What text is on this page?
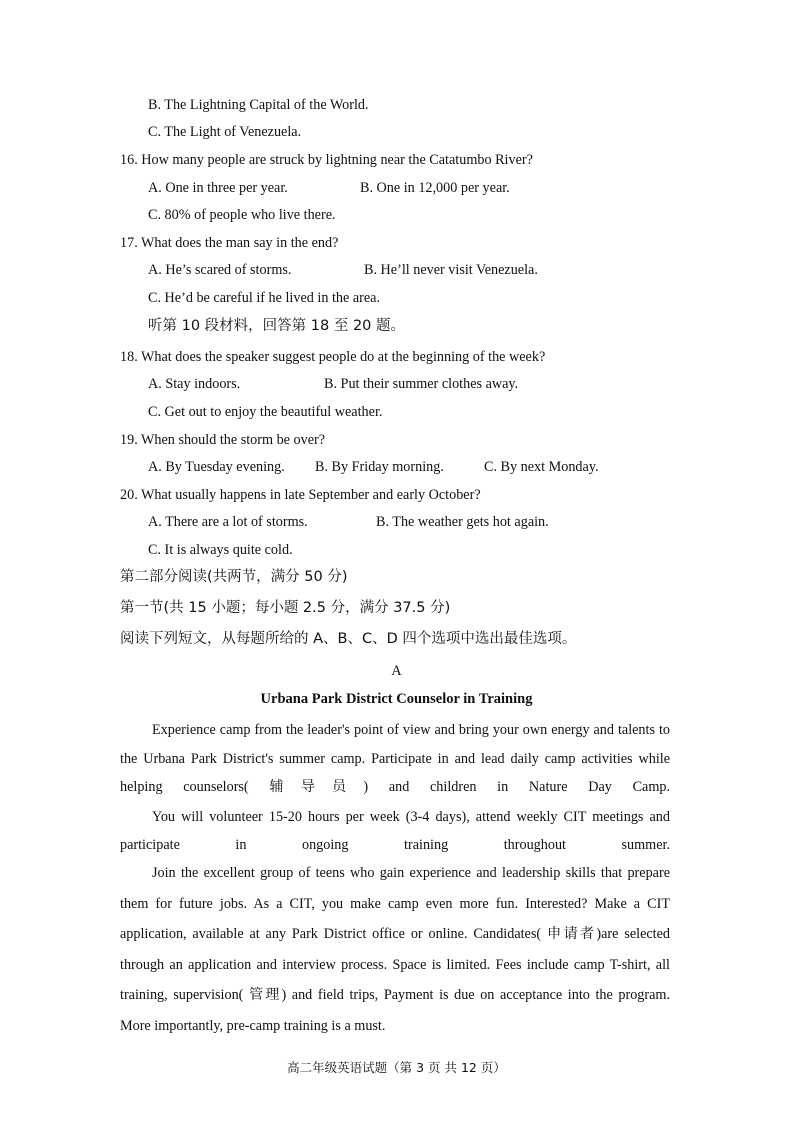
B. The Lightning Capital of the World.
C. The Light of Venezuela.
16. How many people are struck by lightning near the Catatumbo River?
A. One in three per year.	B. One in 12,000 per year.
C. 80% of people who live there.
17. What does the man say in the end?
A. He’s scared of storms.	B. He’ll never visit Venezuela.
C. He’d be careful if he lived in the area.
听第 10 段材料，回答第 18 至 20 题。
18. What does the speaker suggest people do at the beginning of the week?
A. Stay indoors.	B. Put their summer clothes away.
C. Get out to enjoy the beautiful weather.
19. When should the storm be over?
A. By Tuesday evening. B. By Friday morning.	C. By next Monday.
20. What usually happens in late September and early October?
A. There are a lot of storms.	B. The weather gets hot again.
C. It is always quite cold.
第二部分阅读(共两节，满分 50 分)
第一节(共 15 小题；每小题 2.5 分，满分 37.5 分)
阅读下列短文，从每题所给的 A、B、C、D 四个选项中选出最佳选项。
A
Urbana Park District Counselor in Training
Experience camp from the leader's point of view and bring your own energy and talents to the Urbana Park District's summer camp. Participate in and lead daily camp activities while helping counselors( 辅导员) and children in Nature Day Camp.
You will volunteer 15-20 hours per week (3-4 days), attend weekly CIT meetings and participate in ongoing training throughout summer.
Join the excellent group of teens who gain experience and leadership skills that prepare them for future jobs. As a CIT, you make camp even more fun. Interested? Make a CIT application, available at any Park District office or online. Candidates( 申请者)are selected through an application and interview process. Space is limited. Fees include camp T-shirt, all training, supervision( 管理) and field trips, Payment is due on acceptance into the program. More importantly, pre-camp training is a must.
高二年级英语试题（第 3 页 共 12 页）
